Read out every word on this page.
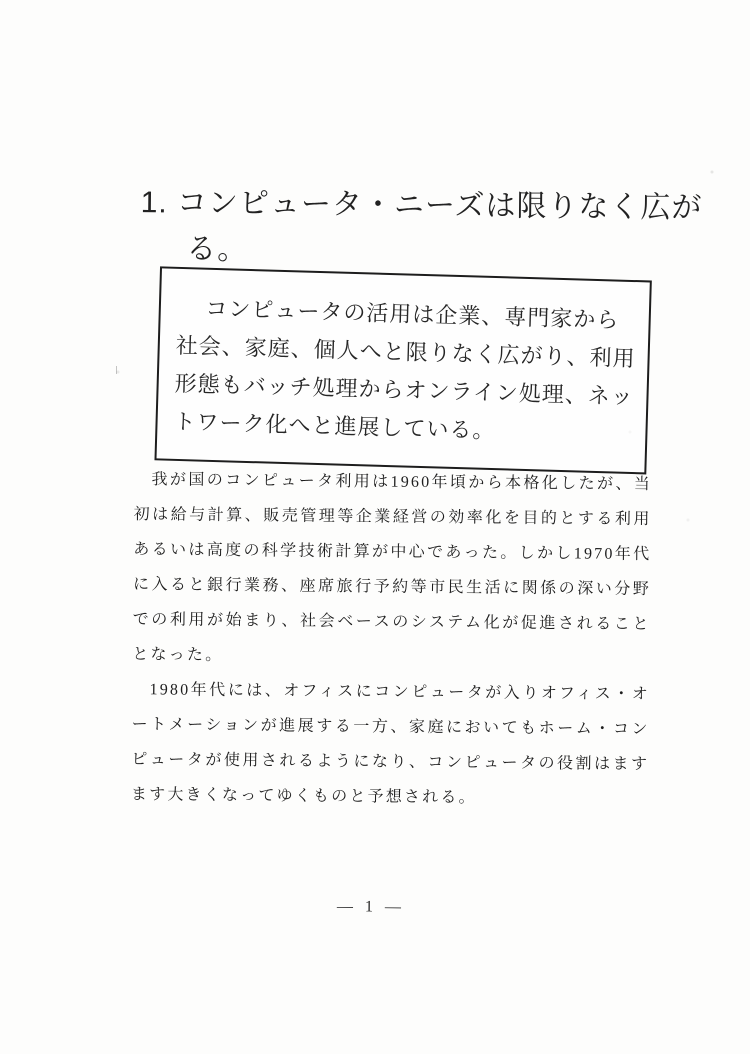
1. コンピュータ・ニーズは限りなく広がる。

コンピュータの活用は企業、専門家から社会、家庭、個人へと限りなく広がり、利用形態もバッチ処理からオンライン処理、ネットワーク化へと進展している。

我が国のコンピュータ利用は1960年頃から本格化したが、当初は給与計算、販売管理等企業経営の効率化を目的とする利用あるいは高度の科学技術計算が中心であった。しかし1970年代に入ると銀行業務、座席旅行予約等市民生活に関係の深い分野での利用が始まり、社会ベースのシステム化が促進されることとなった。

1980年代には、オフィスにコンピュータが入りオフィス・オートメーションが進展する一方、家庭においてもホーム・コンピュータが使用されるようになり、コンピュータの役割はますます大きくなってゆくものと予想される。

— 1 —
